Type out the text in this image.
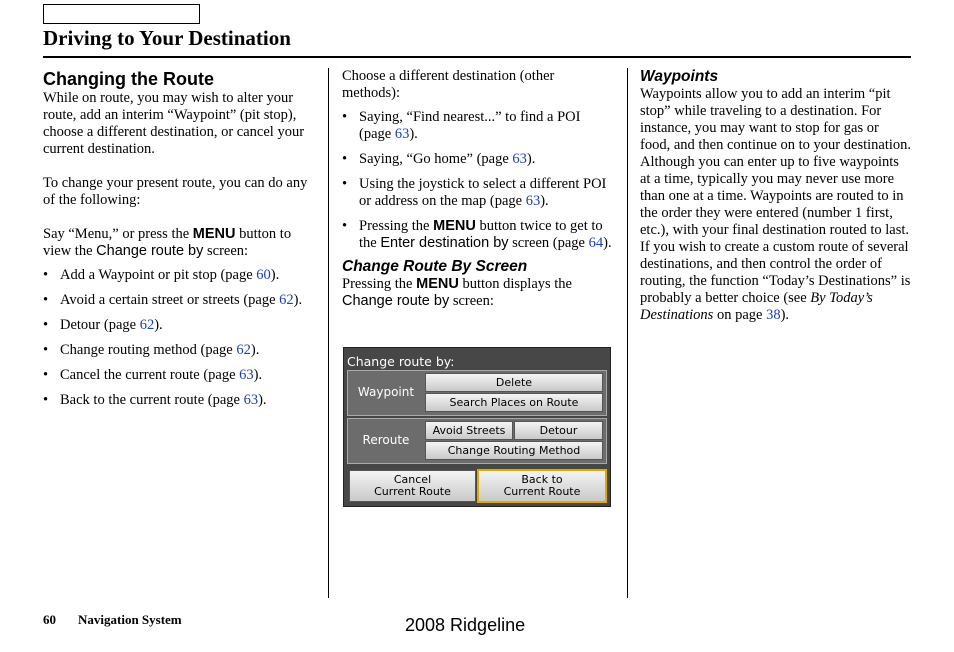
Driving to Your Destination

Changing the Route

While on route, you may wish to alter your route, add an interim “Waypoint” (pit stop), choose a different destination, or cancel your current destination.

To change your present route, you can do any of the following:

Say “Menu,” or press the MENU button to view the Change route by screen:

• Add a Waypoint or pit stop (page 60).
• Avoid a certain street or streets (page 62).
• Detour (page 62).
• Change routing method (page 62).
• Cancel the current route (page 63).
• Back to the current route (page 63).

Choose a different destination (other methods):

• Saying, “Find nearest...” to find a POI (page 63).
• Saying, “Go home” (page 63).
• Using the joystick to select a different POI or address on the map (page 63).
• Pressing the MENU button twice to get to the Enter destination by screen (page 64).

Change Route By Screen

Pressing the MENU button displays the Change route by screen:

Change route by:
Waypoint
Delete
Search Places on Route
Reroute
Avoid Streets	Detour
Change Routing Method
Cancel
Current Route
Back to
Current Route

Waypoints

Waypoints allow you to add an interim “pit stop” while traveling to a destination. For instance, you may want to stop for gas or food, and then continue on to your destination. Although you can enter up to five waypoints at a time, typically you may never use more than one at a time. Waypoints are routed to in the order they were entered (number 1 first, etc.), with your final destination routed to last. If you wish to create a custom route of several destinations, and then control the order of routing, the function “Today’s Destinations” is probably a better choice (see By Today’s Destinations on page 38).

60 Navigation System	2008 Ridgeline
